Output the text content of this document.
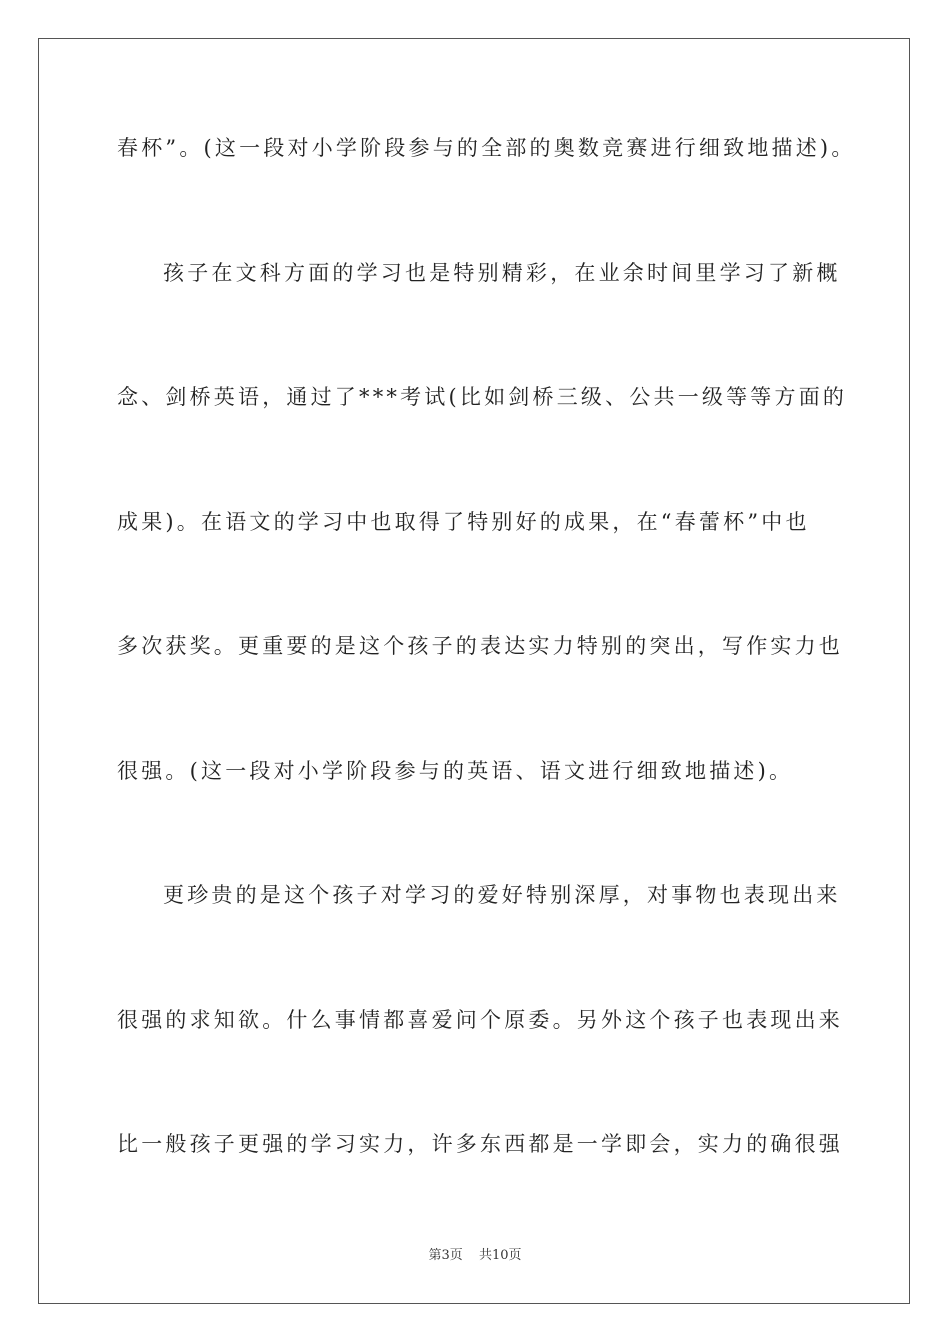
春杯”。(这一段对小学阶段参与的全部的奥数竞赛进行细致地描述)。
孩子在文科方面的学习也是特别精彩，在业余时间里学习了新概
念、剑桥英语，通过了***考试(比如剑桥三级、公共一级等等方面的
成果)。在语文的学习中也取得了特别好的成果，在“春蕾杯”中也
多次获奖。更重要的是这个孩子的表达实力特别的突出，写作实力也
很强。(这一段对小学阶段参与的英语、语文进行细致地描述)。
更珍贵的是这个孩子对学习的爱好特别深厚，对事物也表现出来
很强的求知欲。什么事情都喜爱问个原委。另外这个孩子也表现出来
比一般孩子更强的学习实力，许多东西都是一学即会，实力的确很强
第3页 共10页
